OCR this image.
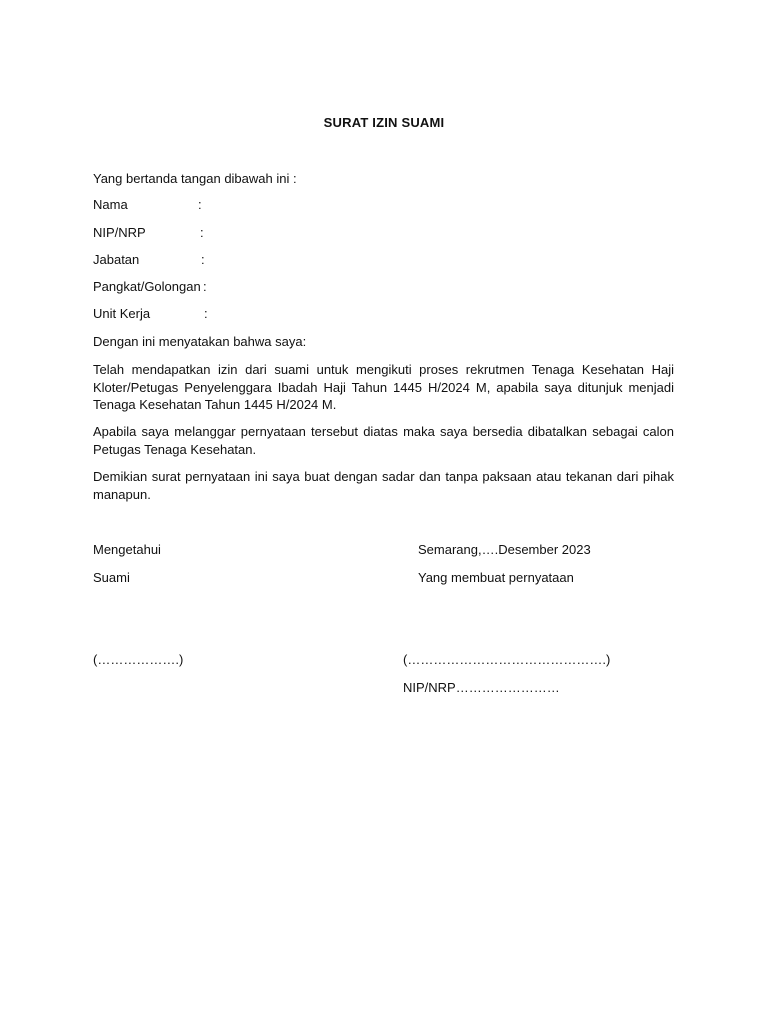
SURAT IZIN SUAMI
Yang bertanda tangan dibawah ini :
Nama	:
NIP/NRP	:
Jabatan	:
Pangkat/Golongan :
Unit Kerja	:
Dengan ini menyatakan bahwa saya:
Telah mendapatkan izin dari suami untuk mengikuti proses rekrutmen Tenaga Kesehatan Haji Kloter/Petugas Penyelenggara Ibadah Haji Tahun 1445 H/2024 M, apabila saya ditunjuk menjadi Tenaga Kesehatan Tahun 1445 H/2024 M.
Apabila saya melanggar pernyataan tersebut diatas maka saya bersedia dibatalkan sebagai calon Petugas Tenaga Kesehatan.
Demikian surat pernyataan ini saya buat dengan sadar dan tanpa paksaan atau tekanan dari pihak manapun.
Mengetahui
Suami
(……………….)
Semarang,….Desember 2023
Yang membuat pernyataan
(……………………………………….)
NIP/NRP……………………
